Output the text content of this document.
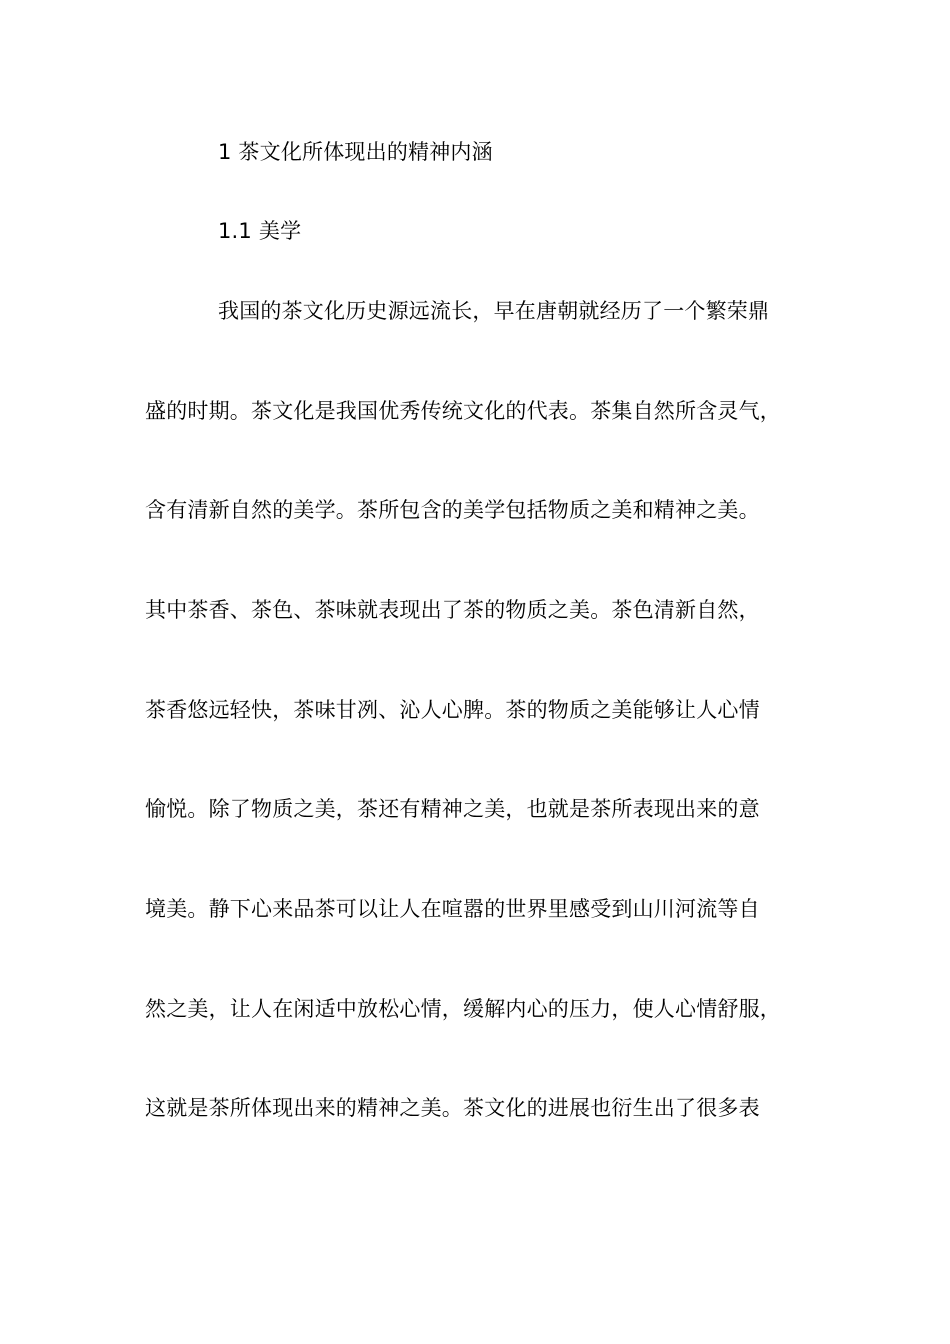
1 茶文化所体现出的精神内涵
1.1 美学
我国的茶文化历史源远流长，早在唐朝就经历了一个繁荣鼎
盛的时期。茶文化是我国优秀传统文化的代表。茶集自然所含灵气，
含有清新自然的美学。茶所包含的美学包括物质之美和精神之美。
其中茶香、茶色、茶味就表现出了茶的物质之美。茶色清新自然，
茶香悠远轻快，茶味甘冽、沁人心脾。茶的物质之美能够让人心情
愉悦。除了物质之美，茶还有精神之美，也就是茶所表现出来的意
境美。静下心来品茶可以让人在喧嚣的世界里感受到山川河流等自
然之美，让人在闲适中放松心情，缓解内心的压力，使人心情舒服，
这就是茶所体现出来的精神之美。茶文化的进展也衍生出了很多表
